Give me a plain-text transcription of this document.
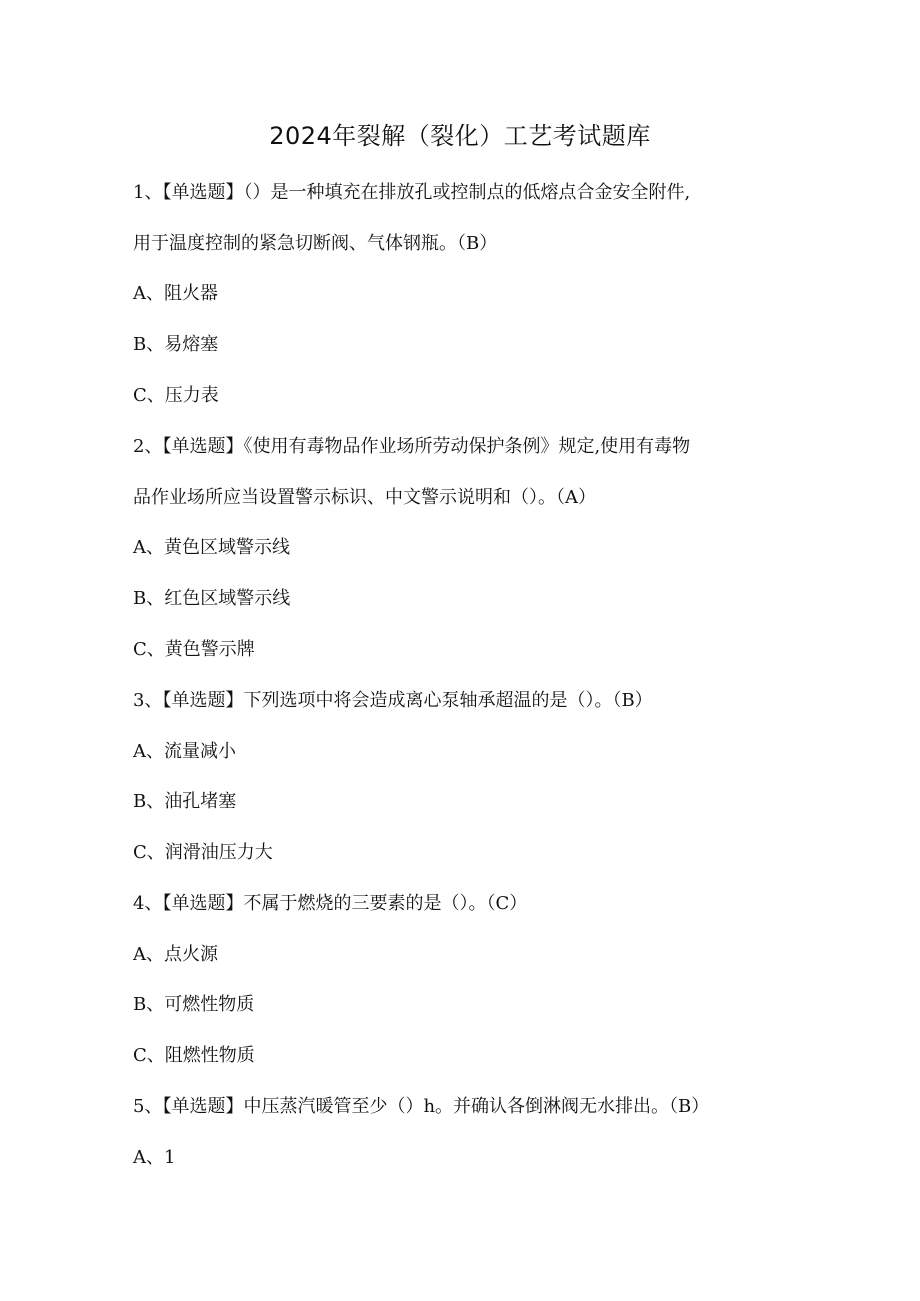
2024年裂解（裂化）工艺考试题库
1、【单选题】（）是一种填充在排放孔或控制点的低熔点合金安全附件,
用于温度控制的紧急切断阀、气体钢瓶。（B）
A、阻火器
B、易熔塞
C、压力表
2、【单选题】《使用有毒物品作业场所劳动保护条例》规定,使用有毒物
品作业场所应当设置警示标识、中文警示说明和（）。（A）
A、黄色区域警示线
B、红色区域警示线
C、黄色警示牌
3、【单选题】下列选项中将会造成离心泵轴承超温的是（）。（B）
A、流量减小
B、油孔堵塞
C、润滑油压力大
4、【单选题】不属于燃烧的三要素的是（）。（C）
A、点火源
B、可燃性物质
C、阻燃性物质
5、【单选题】中压蒸汽暖管至少（）h。并确认各倒淋阀无水排出。（B）
A、1
